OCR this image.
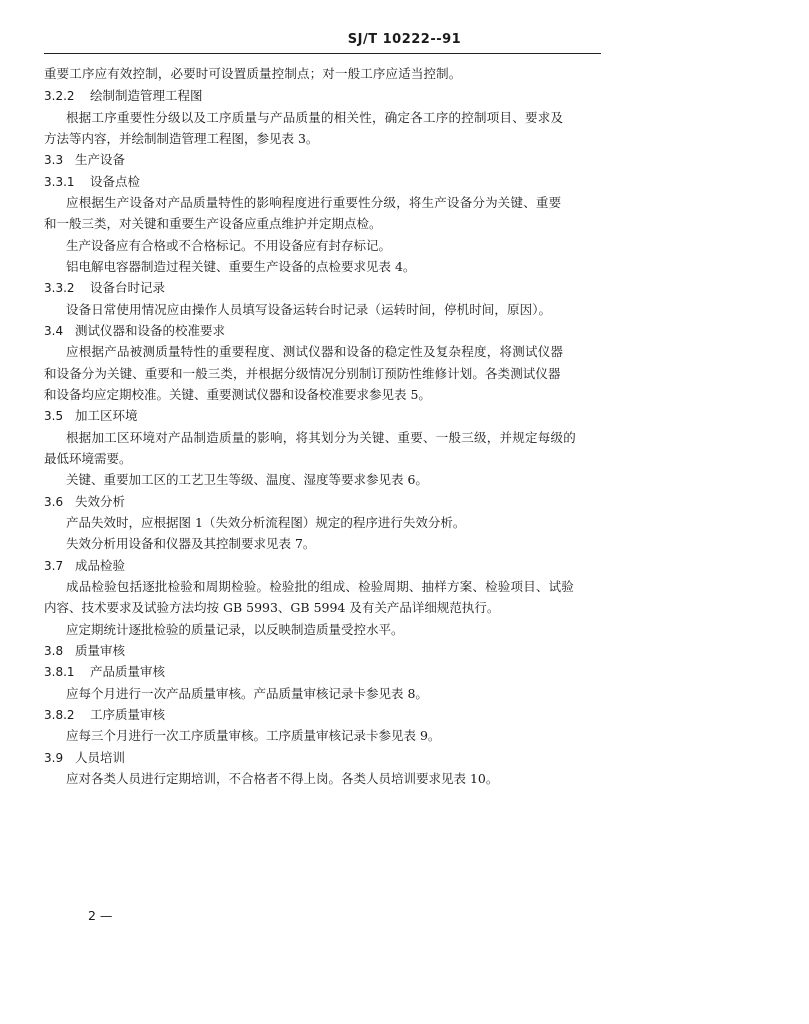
SJ/T 10222--91
重要工序应有效控制，必要时可设置质量控制点；对一般工序应适当控制。
3.2.2 绘制制造管理工程图
根据工序重要性分级以及工序质量与产品质量的相关性，确定各工序的控制项目、要求及
方法等内容，并绘制制造管理工程图，参见表 3。
3.3 生产设备
3.3.1 设备点检
应根据生产设备对产品质量特性的影响程度进行重要性分级，将生产设备分为关键、重要
和一般三类，对关键和重要生产设备应重点维护并定期点检。
生产设备应有合格或不合格标记。不用设备应有封存标记。
铝电解电容器制造过程关键、重要生产设备的点检要求见表 4。
3.3.2 设备台时记录
设备日常使用情况应由操作人员填写设备运转台时记录（运转时间，停机时间，原因）。
3.4 测试仪器和设备的校准要求
应根据产品被测质量特性的重要程度、测试仪器和设备的稳定性及复杂程度，将测试仪器
和设备分为关键、重要和一般三类，并根据分级情况分别制订预防性维修计划。各类测试仪器
和设备均应定期校准。关键、重要测试仪器和设备校准要求参见表 5。
3.5 加工区环境
根据加工区环境对产品制造质量的影响，将其划分为关键、重要、一般三级，并规定每级的
最低环境需要。
关键、重要加工区的工艺卫生等级、温度、湿度等要求参见表 6。
3.6 失效分析
产品失效时，应根据图 1（失效分析流程图）规定的程序进行失效分析。
失效分析用设备和仪器及其控制要求见表 7。
3.7 成品检验
成品检验包括逐批检验和周期检验。检验批的组成、检验周期、抽样方案、检验项目、试验
内容、技术要求及试验方法均按 GB 5993、GB 5994 及有关产品详细规范执行。
应定期统计逐批检验的质量记录，以反映制造质量受控水平。
3.8 质量审核
3.8.1 产品质量审核
应每个月进行一次产品质量审核。产品质量审核记录卡参见表 8。
3.8.2 工序质量审核
应每三个月进行一次工序质量审核。工序质量审核记录卡参见表 9。
3.9 人员培训
应对各类人员进行定期培训，不合格者不得上岗。各类人员培训要求见表 10。
2 —
